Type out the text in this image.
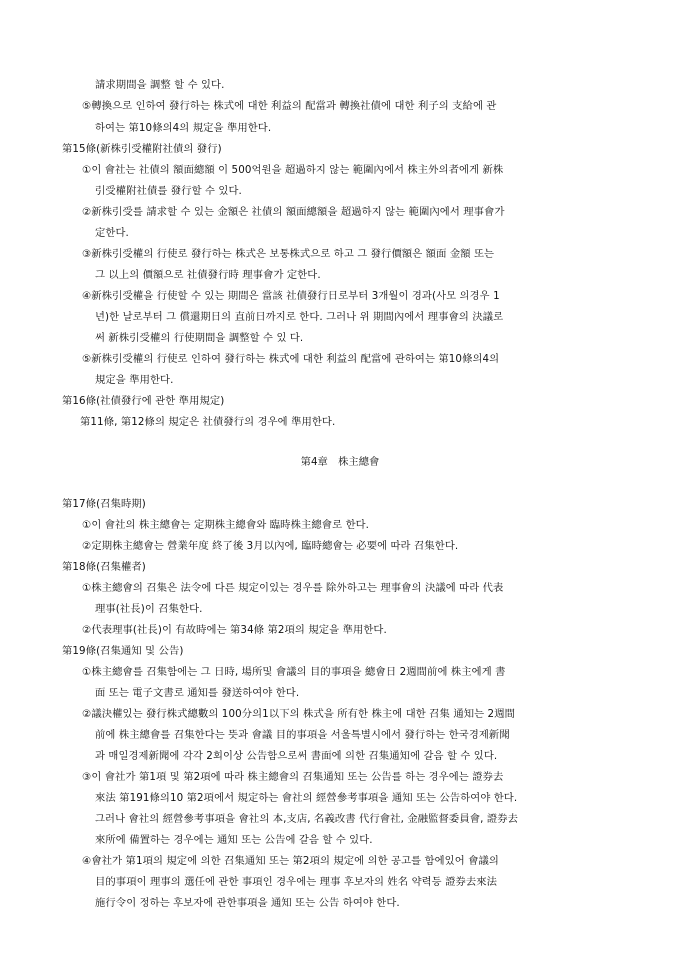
請求期間을 調整 할 수 있다.
⑤轉換으로 인하여 發行하는 株式에 대한 利益의 配當과 轉換社債에 대한 利子의 支給에 관
하여는 第10條의4의 規定을 準用한다.
第15條(新株引受權附社債의 發行)
①이 會社는 社債의 額面總額 이 500억원을 超過하지 않는 範圍內에서 株主外의者에게 新株
引受權附社債를 發行할 수 있다.
②新株引受를 請求할 수 있는 金額은 社債의 額面總額을 超過하지 않는 範圍內에서 理事會가
定한다.
③新株引受權의 行使로 發行하는 株式은 보통株式으로 하고 그 發行價額은 額面 金額 또는
그 以上의 價額으로 社債發行時 理事會가 定한다.
④新株引受權을 行使할 수 있는 期間은 當該 社債發行日로부터 3개월이 경과(사모 의경우 1
년)한 날로부터 그 償還期日의 直前日까지로 한다. 그러나 위 期間內에서 理事會의 決議로
써 新株引受權의 行使期間을 調整할 수 있 다.
⑤新株引受權의 行使로 인하여 發行하는 株式에 대한 利益의 配當에 관하여는 第10條의4의
規定을 準用한다.
第16條(社債發行에 관한 準用規定)
第11條, 第12條의 規定은 社債發行의 경우에 準用한다.
第4章　株主總會
第17條(召集時期)
①이 會社의 株主總會는 定期株主總會와 臨時株主總會로 한다.
②定期株主總會는 營業年度 終了後 3月以內에, 臨時總會는 必要에 따라 召集한다.
第18條(召集權者)
①株主總會의 召集은 法令에 다른 規定이있는 경우를 除外하고는 理事會의 決議에 따라 代表
理事(社長)이 召集한다.
②代表理事(社長)이 有故時에는 第34條 第2項의 規定을 準用한다.
第19條(召集通知 및 公告)
①株主總會를 召集함에는 그 日時, 場所및 會議의 目的事項을 總會日 2週間前에 株主에게 書
面 또는 電子文書로 通知를 發送하여야 한다.
②議決權있는 發行株式總數의 100分의1以下의 株式을 所有한 株主에 대한 召集 通知는 2週間
前에 株主總會를 召集한다는 뜻과 會議 目的事項을 서울특별시에서 發行하는 한국경제新聞
과 매일경제新聞에 각각 2회이상 公告함으로써 書面에 의한 召集通知에 갈음 할 수 있다.
③이 會社가 第1項 및 第2項에 따라 株主總會의 召集通知 또는 公告를 하는 경우에는 證券去
來法 第191條의10 第2項에서 規定하는 會社의 經營參考事項을 通知 또는 公告하여야 한다.
그러나 會社의 經營參考事項을 會社의 本,支店, 名義改書 代行會社, 金融監督委員會, 證券去
來所에 備置하는 경우에는 通知 또는 公告에 갈음 할 수 있다.
④會社가 第1項의 規定에 의한 召集通知 또는 第2項의 規定에 의한 공고를 함에있어 會議의
目的事項이 理事의 選任에 관한 事項인 경우에는 理事 후보자의 姓名 약력등 證券去來法
施行令이 정하는 후보자에 관한事項을 通知 또는 公告 하여야 한다.
